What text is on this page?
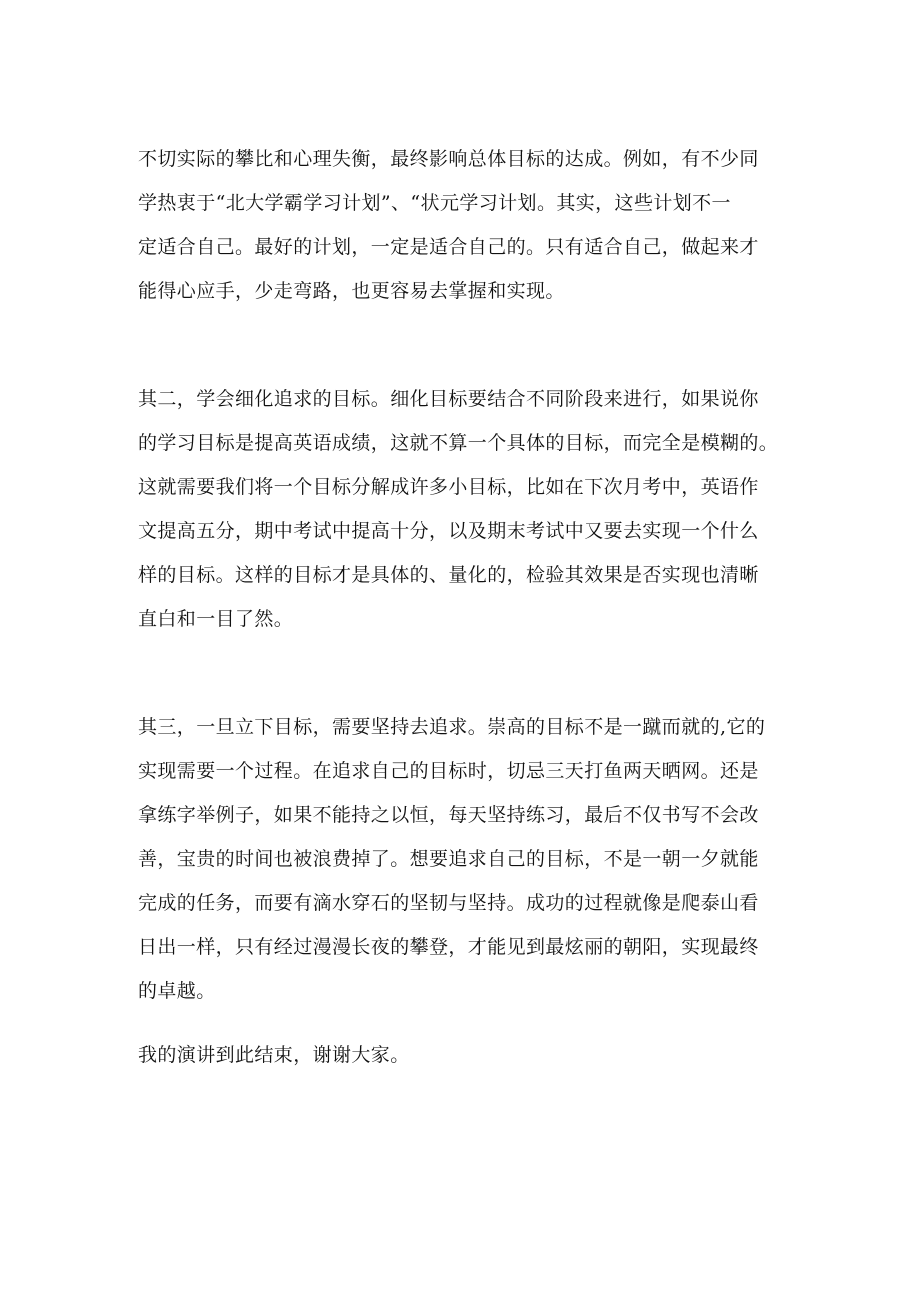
不切实际的攀比和心理失衡，最终影响总体目标的达成。例如，有不少同
学热衷于“北大学霸学习计划”、“状元学习计划。其实，这些计划不一
定适合自己。最好的计划，一定是适合自己的。只有适合自己，做起来才
能得心应手，少走弯路，也更容易去掌握和实现。
其二，学会细化追求的目标。细化目标要结合不同阶段来进行，如果说你
的学习目标是提高英语成绩，这就不算一个具体的目标，而完全是模糊的。
这就需要我们将一个目标分解成许多小目标，比如在下次月考中，英语作
文提高五分，期中考试中提高十分，以及期末考试中又要去实现一个什么
样的目标。这样的目标才是具体的、量化的，检验其效果是否实现也清晰
直白和一目了然。
其三，一旦立下目标，需要坚持去追求。崇高的目标不是一蹴而就的,它的
实现需要一个过程。在追求自己的目标时，切忌三天打鱼两天晒网。还是
拿练字举例子，如果不能持之以恒，每天坚持练习，最后不仅书写不会改
善，宝贵的时间也被浪费掉了。想要追求自己的目标，不是一朝一夕就能
完成的任务，而要有滴水穿石的坚韧与坚持。成功的过程就像是爬泰山看
日出一样，只有经过漫漫长夜的攀登，才能见到最炫丽的朝阳，实现最终
的卓越。
我的演讲到此结束，谢谢大家。
